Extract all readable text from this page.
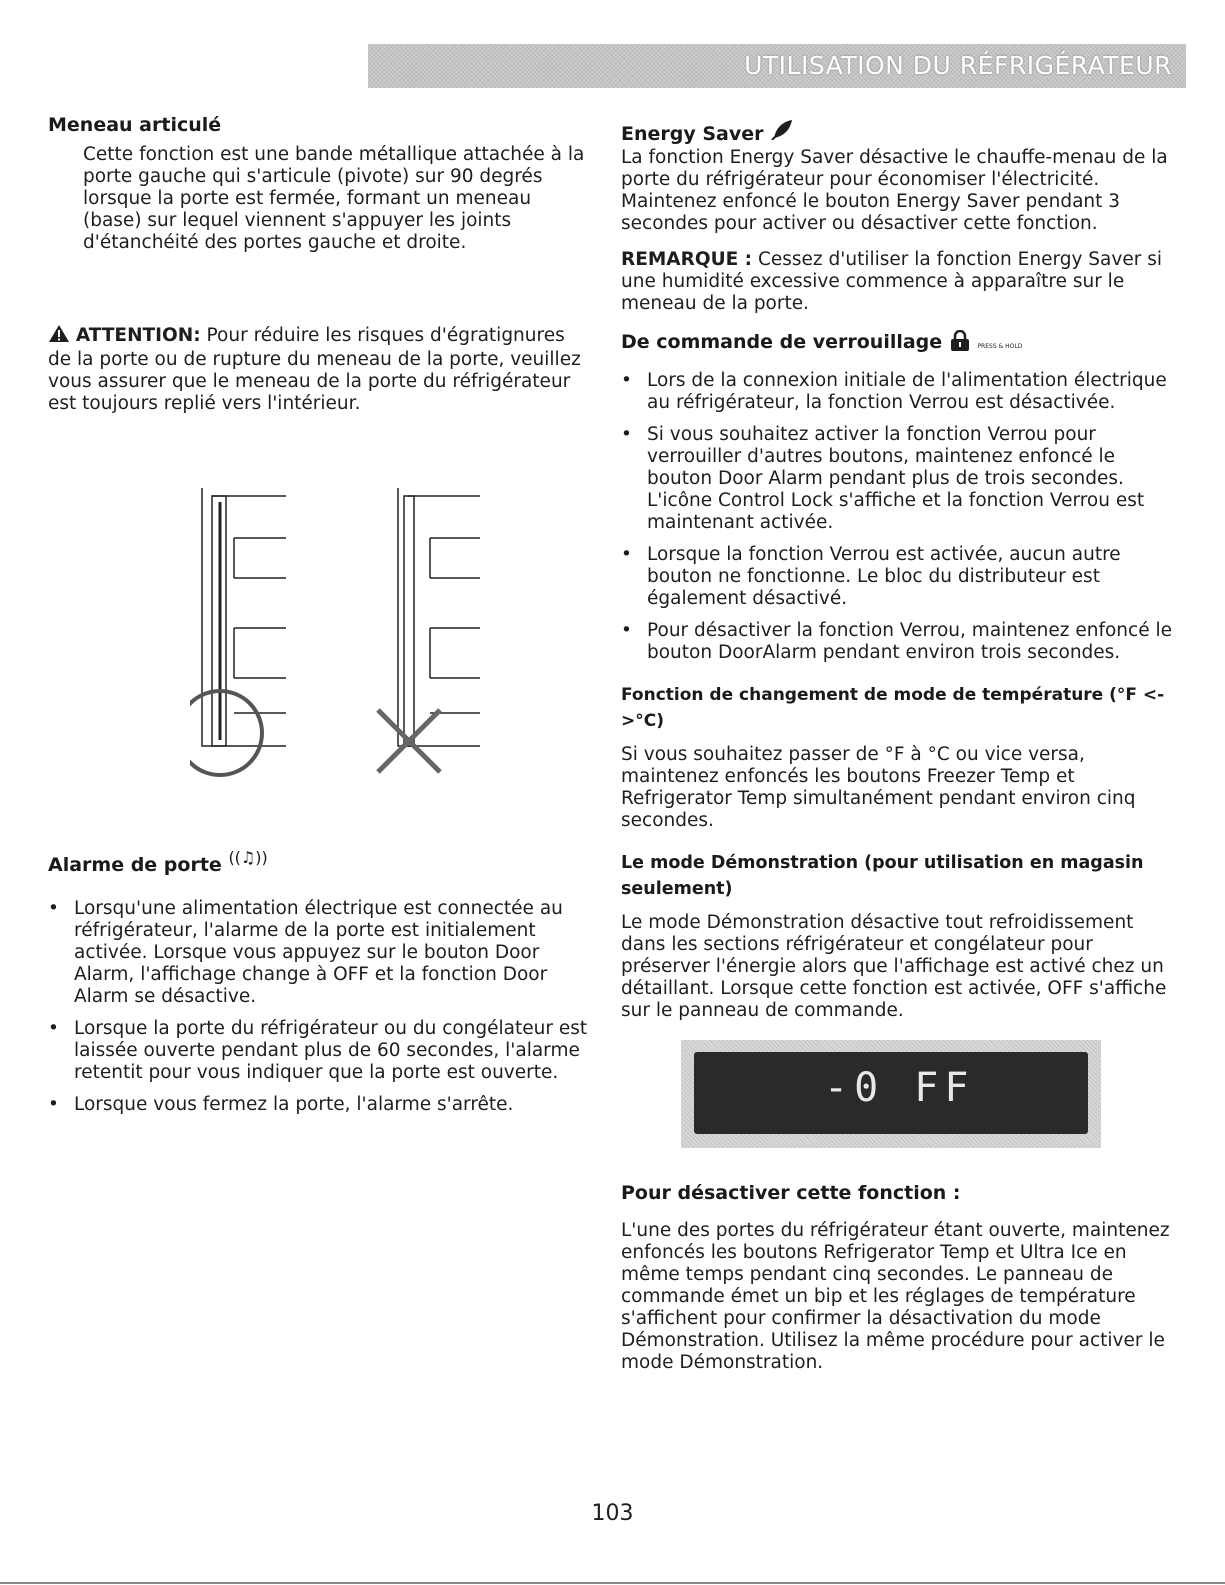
UTILISATION DU RÉFRIGÉRATEUR
Meneau articulé

Cette fonction est une bande métallique attachée à la porte gauche qui s'articule (pivote) sur 90 degrés lorsque la porte est fermée, formant un meneau (base) sur lequel viennent s'appuyer les joints d'étanchéité des portes gauche et droite.

ATTENTION: Pour réduire les risques d'égratignures de la porte ou de rupture du meneau de la porte, veuillez vous assurer que le meneau de la porte du réfrigérateur est toujours replié vers l'intérieur.

Alarme de porte ((♫))
• Lorsqu'une alimentation électrique est connectée au réfrigérateur, l'alarme de la porte est initialement activée. Lorsque vous appuyez sur le bouton Door Alarm, l'affichage change à OFF et la fonction Door Alarm se désactive.
• Lorsque la porte du réfrigérateur ou du congélateur est laissée ouverte pendant plus de 60 secondes, l'alarme retentit pour vous indiquer que la porte est ouverte.
• Lorsque vous fermez la porte, l'alarme s'arrête.
Energy Saver

La fonction Energy Saver désactive le chauffe-menau de la porte du réfrigérateur pour économiser l'électricité. Maintenez enfoncé le bouton Energy Saver pendant 3 secondes pour activer ou désactiver cette fonction.

REMARQUE : Cessez d'utiliser la fonction Energy Saver si une humidité excessive commence à apparaître sur le meneau de la porte.

De commande de verrouillage	PRESS & HOLD
• Lors de la connexion initiale de l'alimentation électrique au réfrigérateur, la fonction Verrou est désactivée.
• Si vous souhaitez activer la fonction Verrou pour verrouiller d'autres boutons, maintenez enfoncé le bouton Door Alarm pendant plus de trois secondes. L'icône Control Lock s'affiche et la fonction Verrou est maintenant activée.
• Lorsque la fonction Verrou est activée, aucun autre bouton ne fonctionne. Le bloc du distributeur est également désactivé.
• Pour désactiver la fonction Verrou, maintenez enfoncé le bouton DoorAlarm pendant environ trois secondes.
Fonction de changement de mode de température (°F <->°C)

Si vous souhaitez passer de °F à °C ou vice versa, maintenez enfoncés les boutons Freezer Temp et Refrigerator Temp simultanément pendant environ cinq secondes.

Le mode Démonstration (pour utilisation en magasin seulement)

Le mode Démonstration désactive tout refroidissement dans les sections réfrigérateur et congélateur pour préserver l'énergie alors que l'affichage est activé chez un détaillant. Lorsque cette fonction est activée, OFF s'affiche sur le panneau de commande.

-0 FF
Pour désactiver cette fonction :

L'une des portes du réfrigérateur étant ouverte, maintenez enfoncés les boutons Refrigerator Temp et Ultra Ice en même temps pendant cinq secondes. Le panneau de commande émet un bip et les réglages de température s'affichent pour confirmer la désactivation du mode Démonstration. Utilisez la même procédure pour activer le mode Démonstration.

103
